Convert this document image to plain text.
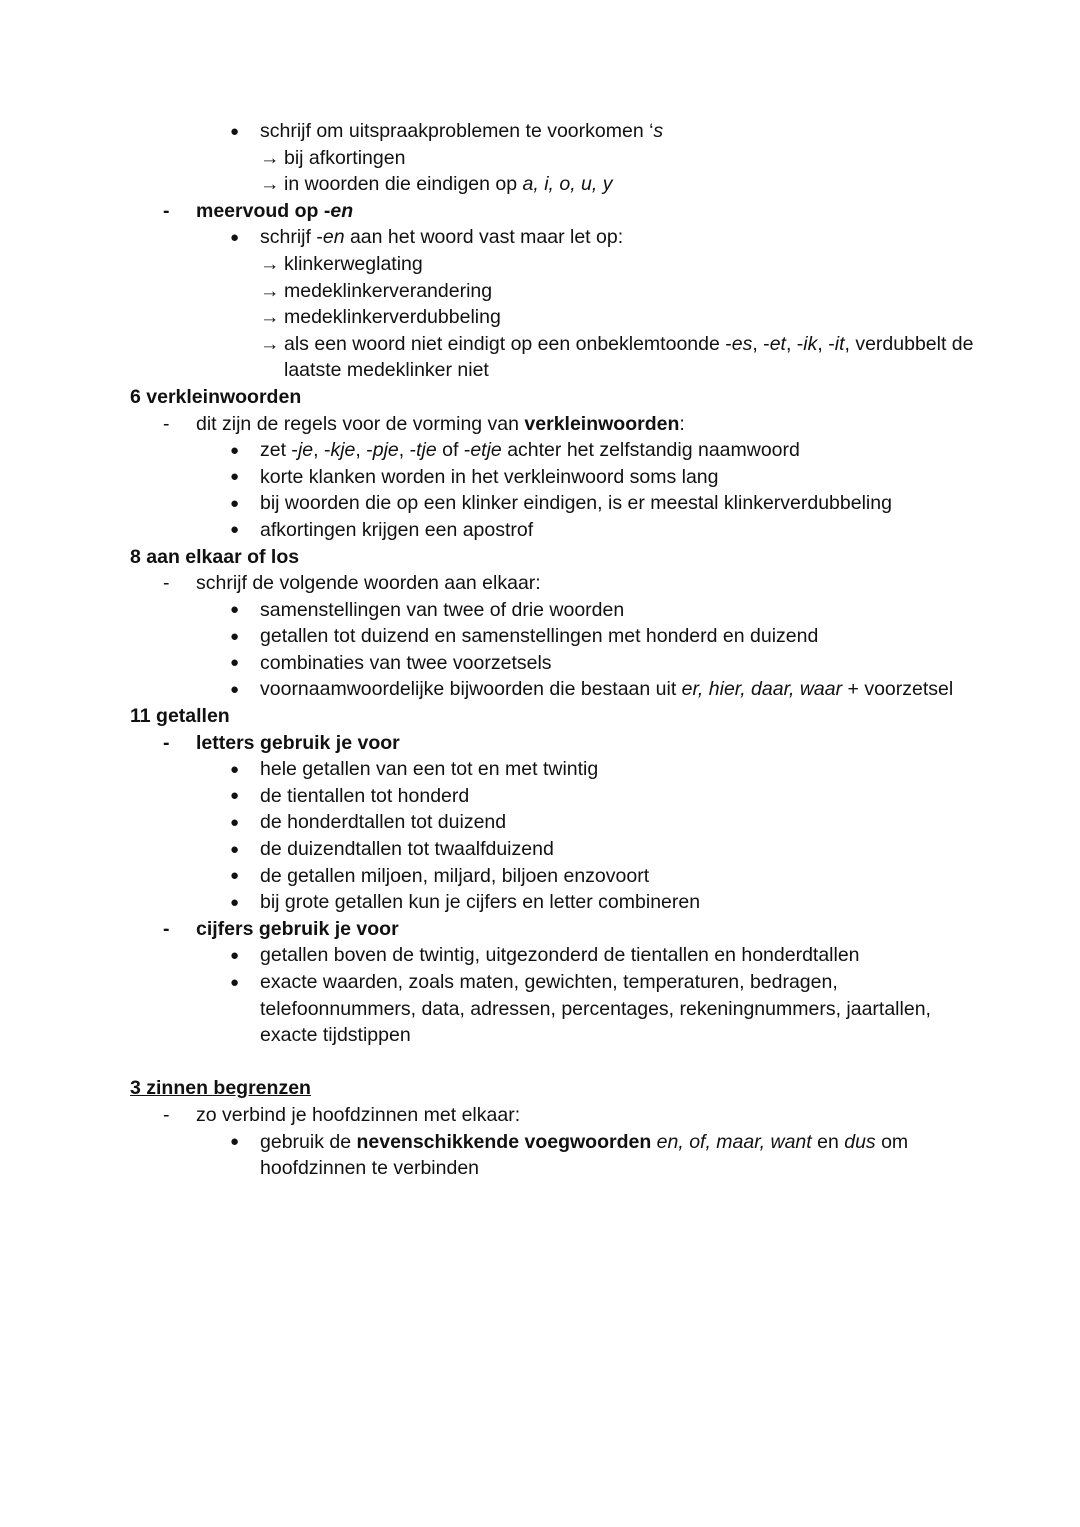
●	schrijf om uitspraakproblemen te voorkomen ‘s
→ bij afkortingen
→ in woorden die eindigen op a, i, o, u, y
-	meervoud op -en
●	schrijf -en aan het woord vast maar let op:
→ klinkerweglating
→ medeklinkerverandering
→ medeklinkerverdubbeling
→ als een woord niet eindigt op een onbeklemtoonde -es, -et, -ik, -it, verdubbelt de laatste medeklinker niet
6 verkleinwoorden
-	dit zijn de regels voor de vorming van verkleinwoorden:
●	zet -je, -kje, -pje, -tje of -etje achter het zelfstandig naamwoord
●	korte klanken worden in het verkleinwoord soms lang
●	bij woorden die op een klinker eindigen, is er meestal klinkerverdubbeling
●	afkortingen krijgen een apostrof
8 aan elkaar of los
-	schrijf de volgende woorden aan elkaar:
●	samenstellingen van twee of drie woorden
●	getallen tot duizend en samenstellingen met honderd en duizend
●	combinaties van twee voorzetsels
●	voornaamwoordelijke bijwoorden die bestaan uit er, hier, daar, waar + voorzetsel
11 getallen
-	letters gebruik je voor
●	hele getallen van een tot en met twintig
●	de tientallen tot honderd
●	de honderdtallen tot duizend
●	de duizendtallen tot twaalfduizend
●	de getallen miljoen, miljard, biljoen enzovoort
●	bij grote getallen kun je cijfers en letter combineren
-	cijfers gebruik je voor
●	getallen boven de twintig, uitgezonderd de tientallen en honderdtallen
●	exacte waarden, zoals maten, gewichten, temperaturen, bedragen, telefoonnummers, data, adressen, percentages, rekeningnummers, jaartallen, exacte tijdstippen
3 zinnen begrenzen
-	zo verbind je hoofdzinnen met elkaar:
●	gebruik de nevenschikkende voegwoorden en, of, maar, want en dus om hoofdzinnen te verbinden
